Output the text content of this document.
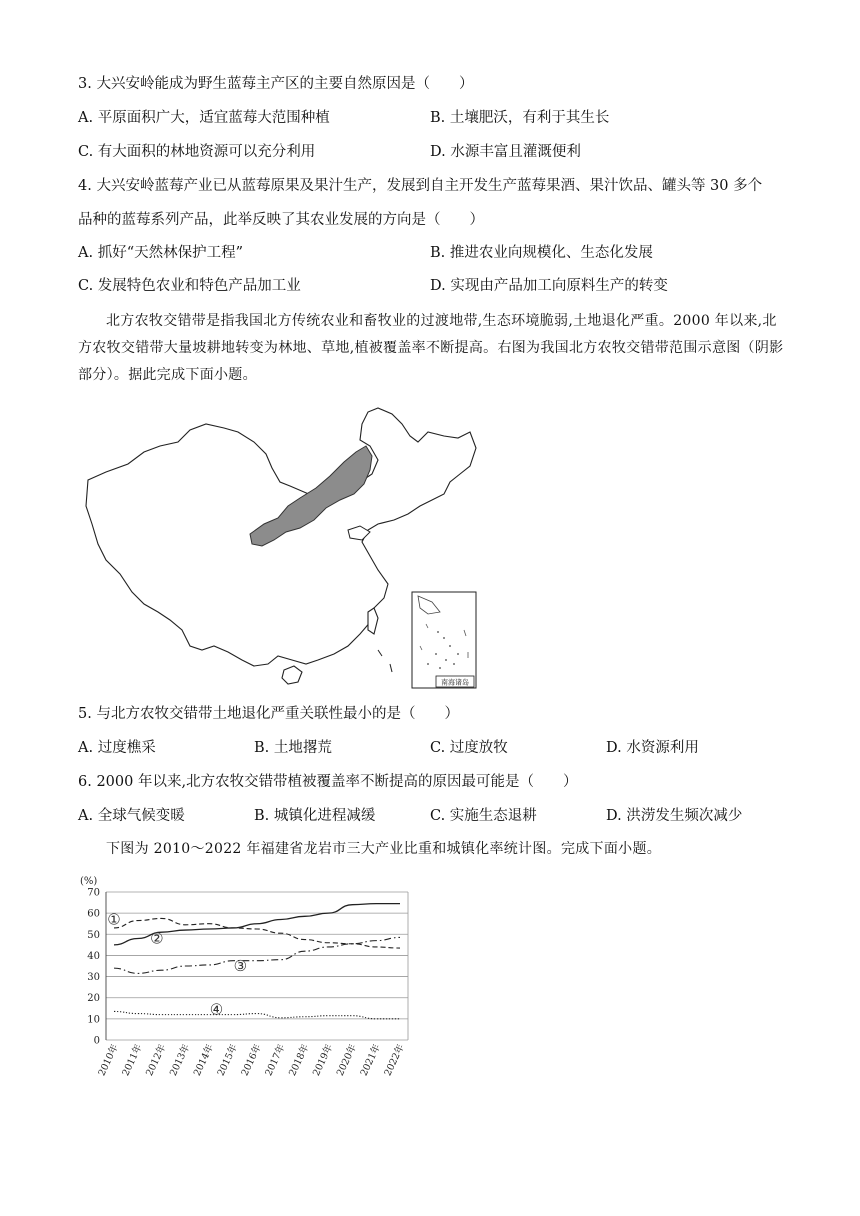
3. 大兴安岭能成为野生蓝莓主产区的主要自然原因是（　　）
A. 平原面积广大，适宜蓝莓大范围种植	B. 土壤肥沃，有利于其生长
C. 有大面积的林地资源可以充分利用	D. 水源丰富且灌溉便利
4. 大兴安岭蓝莓产业已从蓝莓原果及果汁生产，发展到自主开发生产蓝莓果酒、果汁饮品、罐头等 30 多个
品种的蓝莓系列产品，此举反映了其农业发展的方向是（　　）
A. 抓好“天然林保护工程”	B. 推进农业向规模化、生态化发展
C. 发展特色农业和特色产品加工业	D. 实现由产品加工向原料生产的转变
北方农牧交错带是指我国北方传统农业和畜牧业的过渡地带,生态环境脆弱,土地退化严重。2000 年以来,北方农牧交错带大量坡耕地转变为林地、草地,植被覆盖率不断提高。右图为我国北方农牧交错带范围示意图（阴影部分）。据此完成下面小题。
南海诸岛
5. 与北方农牧交错带土地退化严重关联性最小的是（　　）
A. 过度樵采	B. 土地撂荒	C. 过度放牧	D. 水资源利用
6. 2000 年以来,北方农牧交错带植被覆盖率不断提高的原因最可能是（　　）
A. 全球气候变暖	B. 城镇化进程减缓	C. 实施生态退耕	D. 洪涝发生频次减少
下图为 2010～2022 年福建省龙岩市三大产业比重和城镇化率统计图。完成下面小题。
(%)
0
10
20
30
40
50
60
70
2010年 2011年 2012年 2013年 2014年 2015年 2016年 2017年 2018年 2019年 2020年 2021年 2022年
①
②
③
④
